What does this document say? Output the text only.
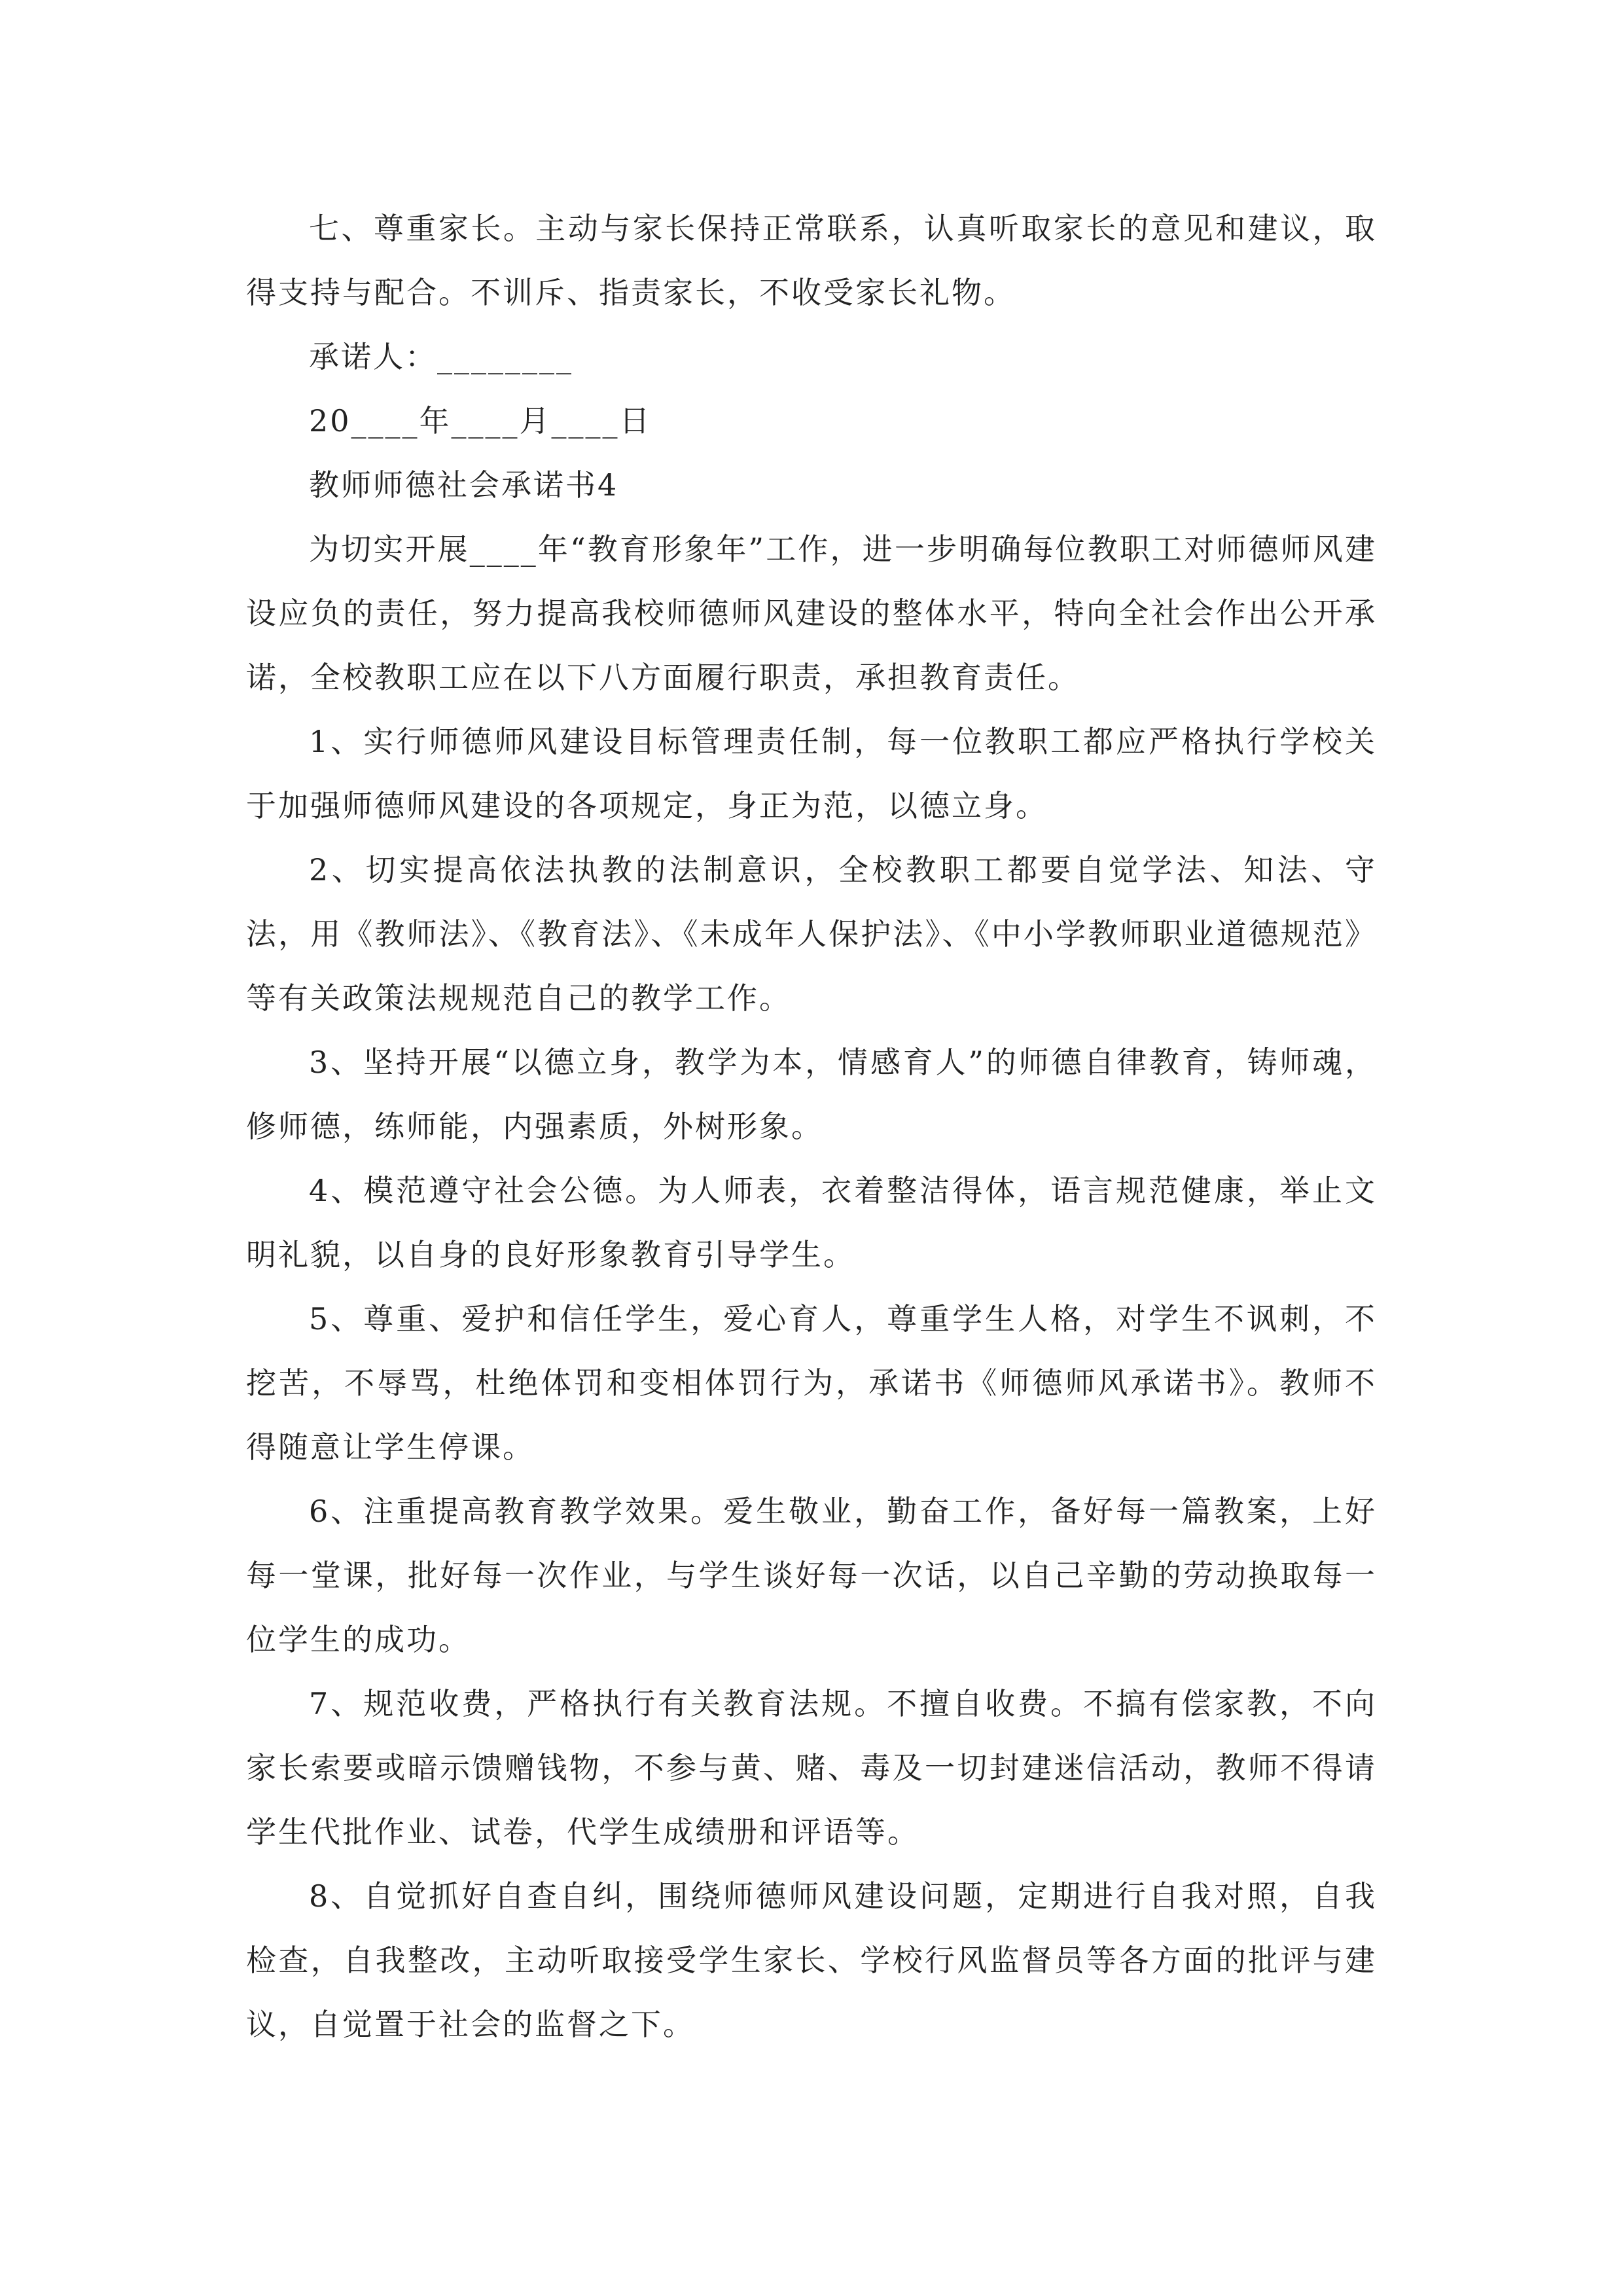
七、尊重家长。主动与家长保持正常联系，认真听取家长的意见和建议，取得支持与配合。不训斥、指责家长，不收受家长礼物。

承诺人：________

20____年____月____日

教师师德社会承诺书4

为切实开展____年“教育形象年”工作，进一步明确每位教职工对师德师风建设应负的责任，努力提高我校师德师风建设的整体水平，特向全社会作出公开承诺，全校教职工应在以下八方面履行职责，承担教育责任。

1、实行师德师风建设目标管理责任制，每一位教职工都应严格执行学校关于加强师德师风建设的各项规定，身正为范，以德立身。

2、切实提高依法执教的法制意识，全校教职工都要自觉学法、知法、守法，用《教师法》、《教育法》、《未成年人保护法》、《中小学教师职业道德规范》等有关政策法规规范自己的教学工作。

3、坚持开展“以德立身，教学为本，情感育人”的师德自律教育，铸师魂，修师德，练师能，内强素质，外树形象。

4、模范遵守社会公德。为人师表，衣着整洁得体，语言规范健康，举止文明礼貌，以自身的良好形象教育引导学生。

5、尊重、爱护和信任学生，爱心育人，尊重学生人格，对学生不讽刺，不挖苦，不辱骂，杜绝体罚和变相体罚行为，承诺书《师德师风承诺书》。教师不得随意让学生停课。

6、注重提高教育教学效果。爱生敬业，勤奋工作，备好每一篇教案，上好每一堂课，批好每一次作业，与学生谈好每一次话，以自己辛勤的劳动换取每一位学生的成功。

7、规范收费，严格执行有关教育法规。不擅自收费。不搞有偿家教，不向家长索要或暗示馈赠钱物，不参与黄、赌、毒及一切封建迷信活动，教师不得请学生代批作业、试卷，代学生成绩册和评语等。

8、自觉抓好自查自纠，围绕师德师风建设问题，定期进行自我对照，自我检查，自我整改，主动听取接受学生家长、学校行风监督员等各方面的批评与建议，自觉置于社会的监督之下。
